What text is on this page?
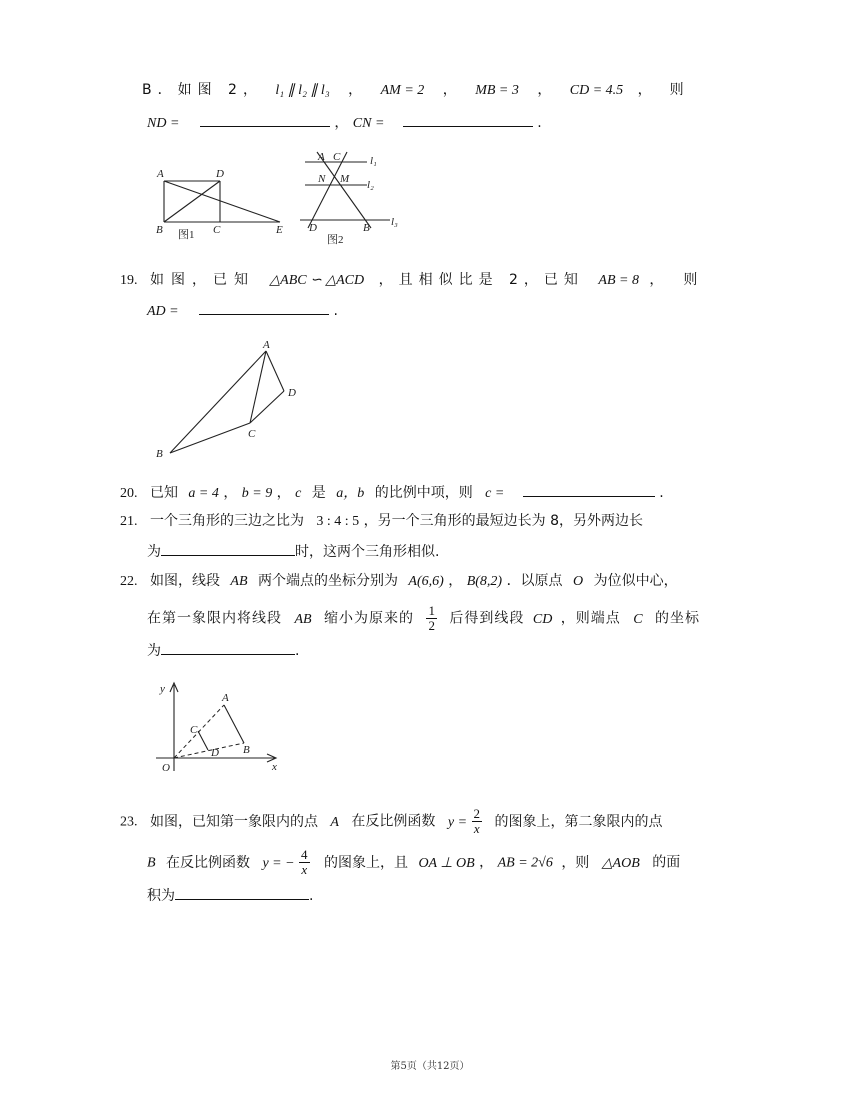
B．如图 2， l₁ ∥ l₂ ∥ l₃ ， AM = 2 ， MB = 3 ， CD = 4.5 ，则
ND =	， CN =	.
A	D
B	C	E
图1
A C	l₁
N M l₂
D	B l₃
图2
19. 如图，已知 △ABC ∽ △ACD ，且相似比是 2，已知 AB = 8 ，则
AD =	.
A
D
C
B
20. 已知 a = 4 ， b = 9 ， c 是 a，b 的比例中项，则 c =	.
21. 一个三角形的三边之比为 3 : 4 : 5 ，另一个三角形的最短边长为 8，另外两边长
为	时，这两个三角形相似.
22. 如图，线段 AB 两个端点的坐标分别为 A(6,6) ， B(8,2) ．以原点 O 为位似中心，
在第一象限内将线段 AB 缩小为原来的 $\frac{1}{2}$ 后得到线段 CD ，则端点 C 的坐标
为	.
y
A
C
D B
O	x
23. 如图，已知第一象限内的点 A 在反比例函数 $y = \frac{2}{x}$ 的图象上，第二象限内的点
B 在反比例函数 y = − $\frac{4}{x}$ 的图象上，且 OA ⊥ OB ， AB = 2√6 ，则 △AOB 的面
积为	.
第5页（共12页）
